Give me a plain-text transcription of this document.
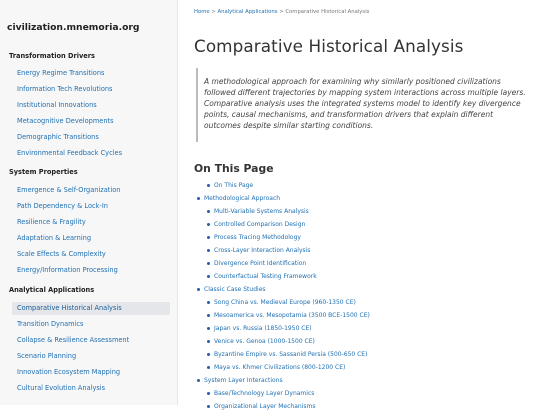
civilization.mnemoria.org
Transformation Drivers
Energy Regime Transitions
Information Tech Revolutions
Institutional Innovations
Metacognitive Developments
Demographic Transitions
Environmental Feedback Cycles
System Properties
Emergence & Self-Organization
Path Dependency & Lock-In
Resilience & Fragility
Adaptation & Learning
Scale Effects & Complexity
Energy/Information Processing
Analytical Applications
Comparative Historical Analysis
Transition Dynamics
Collapse & Resilience Assessment
Scenario Planning
Innovation Ecosystem Mapping
Cultural Evolution Analysis
Home > Analytical Applications > Comparative Historical Analysis
Comparative Historical Analysis
A methodological approach for examining why similarly positioned civilizations followed different trajectories by mapping system interactions across multiple layers. Comparative analysis uses the integrated systems model to identify key divergence points, causal mechanisms, and transformation drivers that explain different outcomes despite similar starting conditions.
On This Page
On This Page
Methodological Approach
Multi-Variable Systems Analysis
Controlled Comparison Design
Process Tracing Methodology
Cross-Layer Interaction Analysis
Divergence Point Identification
Counterfactual Testing Framework
Classic Case Studies
Song China vs. Medieval Europe (960-1350 CE)
Mesoamerica vs. Mesopotamia (3500 BCE-1500 CE)
Japan vs. Russia (1850-1950 CE)
Venice vs. Genoa (1000-1500 CE)
Byzantine Empire vs. Sassanid Persia (500-650 CE)
Maya vs. Khmer Civilizations (800-1200 CE)
System Layer Interactions
Base/Technology Layer Dynamics
Organizational Layer Mechanisms
